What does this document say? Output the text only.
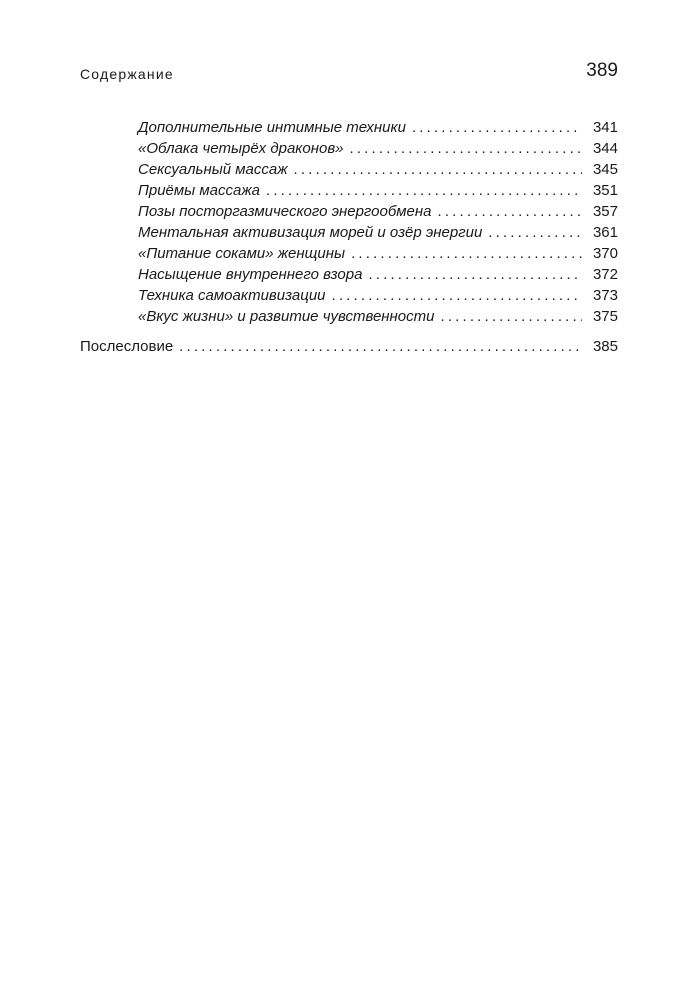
Содержание	389
Дополнительные интимные техники . . .	341
«Облака четырёх драконов» . . .	344
Сексуальный массаж . . .	345
Приёмы массажа . . .	351
Позы посторгазмического энергообмена . . .	357
Ментальная активизация морей и озёр энергии . . .	361
«Питание соками» женщины . . .	370
Насыщение внутреннего взора . . .	372
Техника самоактивизации . . .	373
«Вкус жизни» и развитие чувственности . . .	375
Послесловие . . .	385
